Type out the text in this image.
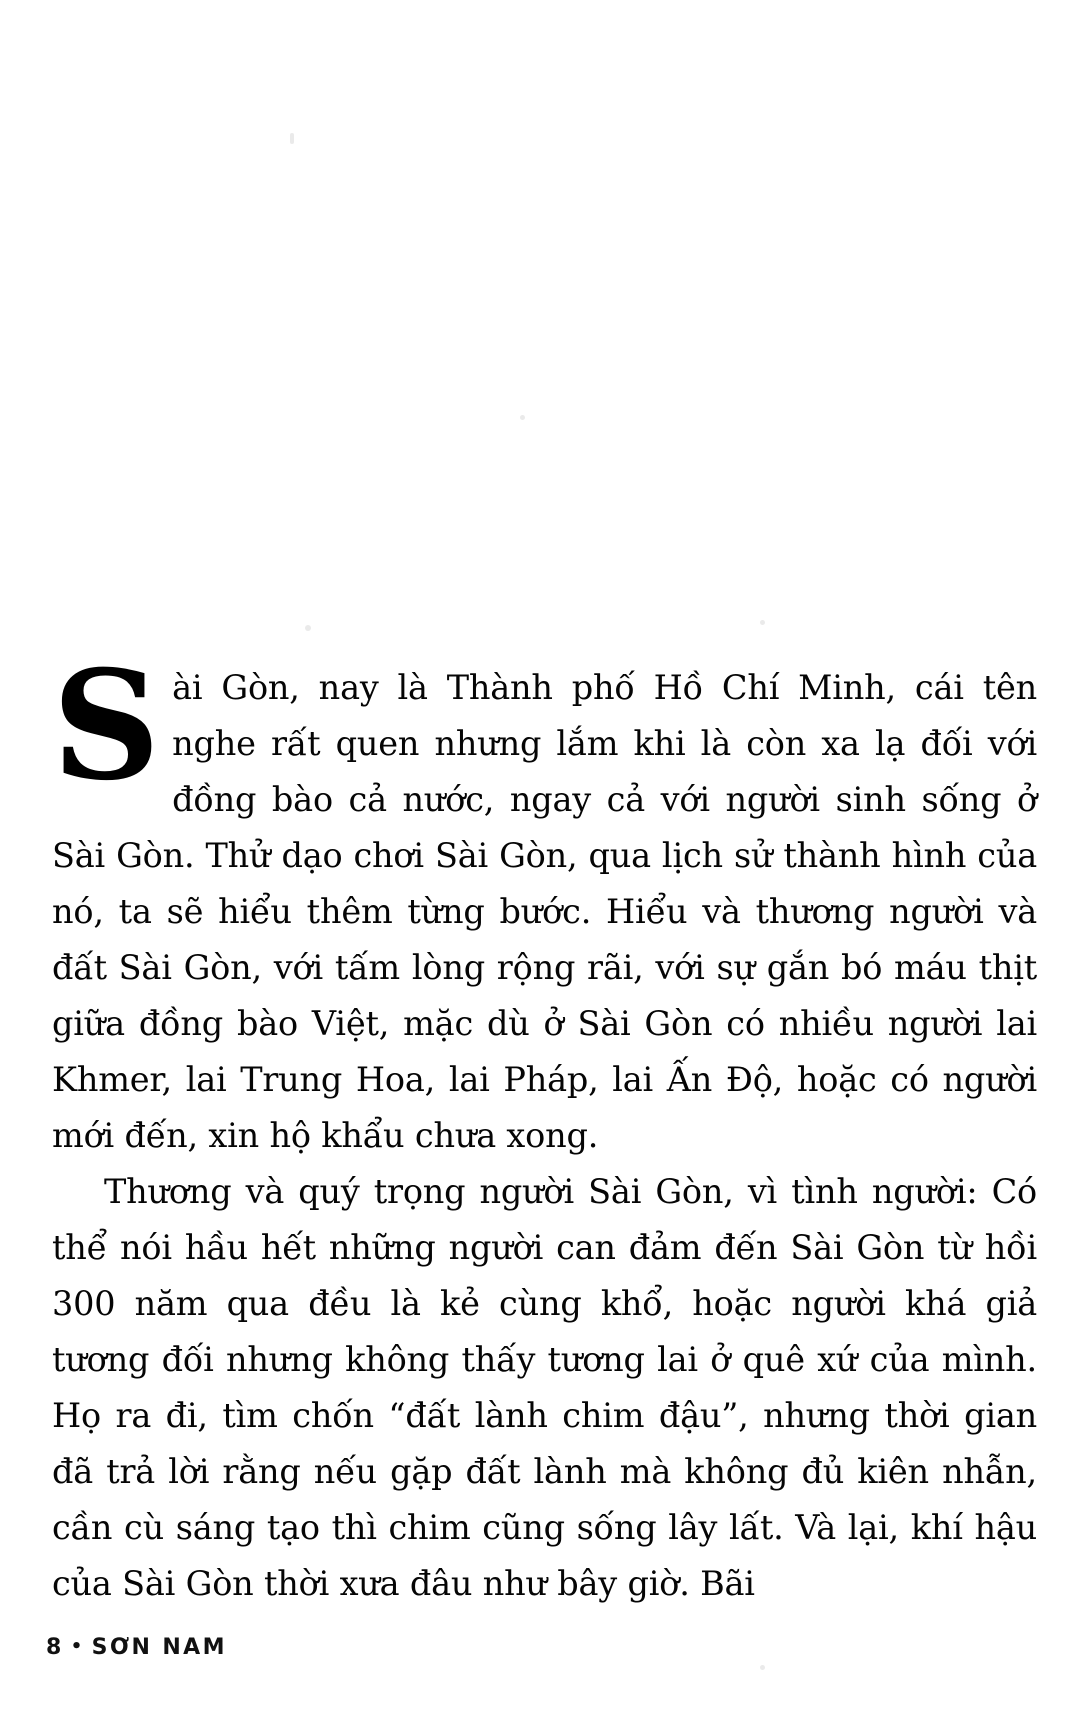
Sài Gòn, nay là Thành phố Hồ Chí Minh, cái tên nghe rất quen nhưng lắm khi là còn xa lạ đối với đồng bào cả nước, ngay cả với người sinh sống ở Sài Gòn. Thử dạo chơi Sài Gòn, qua lịch sử thành hình của nó, ta sẽ hiểu thêm từng bước. Hiểu và thương người và đất Sài Gòn, với tấm lòng rộng rãi, với sự gắn bó máu thịt giữa đồng bào Việt, mặc dù ở Sài Gòn có nhiều người lai Khmer, lai Trung Hoa, lai Pháp, lai Ấn Độ, hoặc có người mới đến, xin hộ khẩu chưa xong.

Thương và quý trọng người Sài Gòn, vì tình người: Có thể nói hầu hết những người can đảm đến Sài Gòn từ hồi 300 năm qua đều là kẻ cùng khổ, hoặc người khá giả tương đối nhưng không thấy tương lai ở quê xứ của mình. Họ ra đi, tìm chốn “đất lành chim đậu”, nhưng thời gian đã trả lời rằng nếu gặp đất lành mà không đủ kiên nhẫn, cần cù sáng tạo thì chim cũng sống lây lất. Và lại, khí hậu của Sài Gòn thời xưa đâu như bây giờ. Bãi

8 • SƠN NAM
